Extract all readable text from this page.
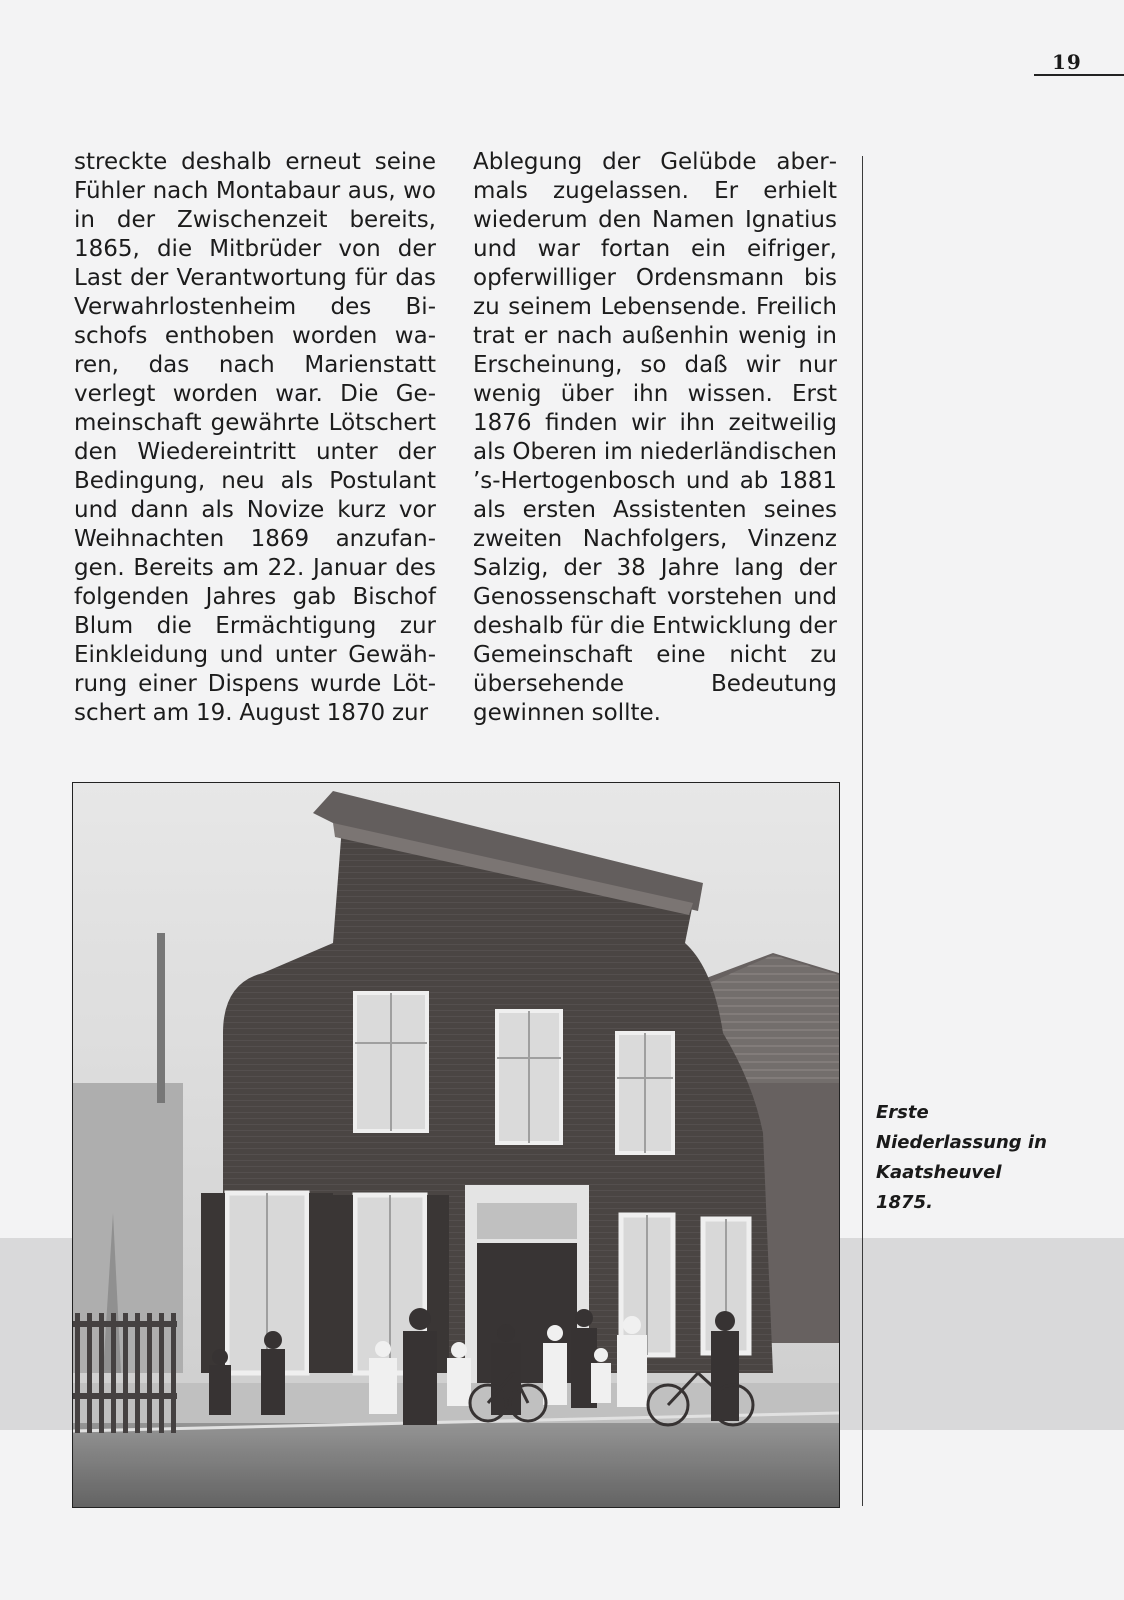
19
streckte deshalb erneut seine Fühler nach Montabaur aus, wo in der Zwischenzeit bereits, 1865, die Mitbrüder von der Last der Verantwortung für das Verwahrlostenheim des Bischofs enthoben worden waren, das nach Marienstatt verlegt worden war. Die Gemeinschaft gewährte Lötschert den Wiedereintritt unter der Bedingung, neu als Postulant und dann als Novize kurz vor Weihnachten 1869 anzufangen. Bereits am 22. Januar des folgenden Jahres gab Bischof Blum die Ermächtigung zur Einkleidung und unter Gewährung einer Dispens wurde Lötschert am 19. August 1870 zur
Ablegung der Gelübde abermals zugelassen. Er erhielt wiederum den Namen Ignatius und war fortan ein eifriger, opferwilliger Ordensmann bis zu seinem Lebensende. Freilich trat er nach außenhin wenig in Erscheinung, so daß wir nur wenig über ihn wissen. Erst 1876 finden wir ihn zeitweilig als Oberen im niederländischen ’s-Hertogenbosch und ab 1881 als ersten Assistenten seines zweiten Nachfolgers, Vinzenz Salzig, der 38 Jahre lang der Genossenschaft vorstehen und deshalb für die Entwicklung der Gemeinschaft eine nicht zu übersehende Bedeutung gewinnen sollte.
Erste
Niederlassung in
Kaatsheuvel
1875.
